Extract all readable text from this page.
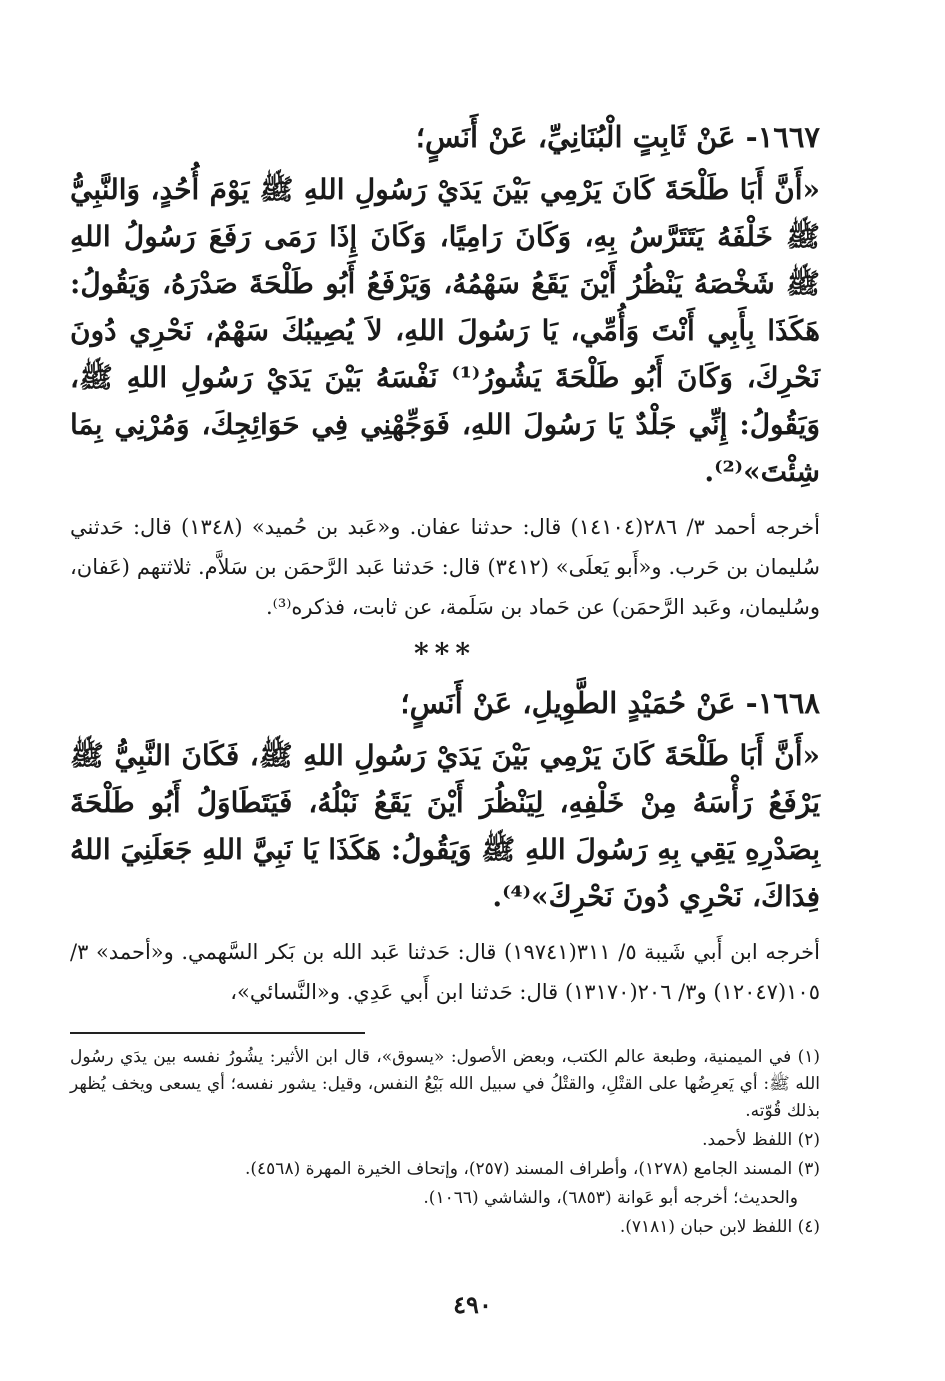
١٦٦٧- عَنْ ثَابِتٍ الْبُنَانِيِّ، عَنْ أَنَسٍ؛

«أَنَّ أَبَا طَلْحَةَ كَانَ يَرْمِي بَيْنَ يَدَيْ رَسُولِ اللهِ ﷺ يَوْمَ أُحُدٍ، وَالنَّبِيُّ ﷺ خَلْفَهُ يَتَتَرَّسُ بِهِ، وَكَانَ رَامِيًا، وَكَانَ إِذَا رَمَى رَفَعَ رَسُولُ اللهِ ﷺ شَخْصَهُ يَنْظُرُ أَيْنَ يَقَعُ سَهْمُهُ، وَيَرْفَعُ أَبُو طَلْحَةَ صَدْرَهُ، وَيَقُولُ: هَكَذَا بِأَبِي أَنْتَ وَأُمِّي، يَا رَسُولَ اللهِ، لاَ يُصِيبُكَ سَهْمٌ، نَحْرِي دُونَ نَحْرِكَ، وَكَانَ أَبُو طَلْحَةَ يَشُورُ⁽¹⁾ نَفْسَهُ بَيْنَ يَدَيْ رَسُولِ اللهِ ﷺ، وَيَقُولُ: إِنِّي جَلْدٌ يَا رَسُولَ اللهِ، فَوَجِّهْنِي فِي حَوَائِجِكَ، وَمُرْنِي بِمَا شِئْتَ»⁽²⁾.

أخرجه أحمد ٣/ ٢٨٦(١٤١٠٤) قال: حدثنا عفان. و«عَبد بن حُميد» (١٣٤٨) قال: حَدثني سُليمان بن حَرب. و«أَبو يَعلَى» (٣٤١٢) قال: حَدثنا عَبد الرَّحمَن بن سَلاَّم. ثلاثتهم (عَفان، وسُليمان، وعَبد الرَّحمَن) عن حَماد بن سَلَمة، عن ثابت، فذكره⁽³⁾.

***
١٦٦٨- عَنْ حُمَيْدٍ الطَّوِيلِ، عَنْ أَنَسٍ؛

«أَنَّ أَبَا طَلْحَةَ كَانَ يَرْمِي بَيْنَ يَدَيْ رَسُولِ اللهِ ﷺ، فَكَانَ النَّبِيُّ ﷺ يَرْفَعُ رَأْسَهُ مِنْ خَلْفِهِ، لِيَنْظُرَ أَيْنَ يَقَعُ نَبْلُهُ، فَيَتَطَاوَلُ أَبُو طَلْحَةَ بِصَدْرِهِ يَقِي بِهِ رَسُولَ اللهِ ﷺ وَيَقُولُ: هَكَذَا يَا نَبِيَّ اللهِ جَعَلَنِيَ اللهُ فِدَاكَ، نَحْرِي دُونَ نَحْرِكَ»⁽⁴⁾.

أخرجه ابن أَبي شَيبة ٥/ ٣١١(١٩٧٤١) قال: حَدثنا عَبد الله بن بَكر السَّهمي. و«أحمد» ٣/ ١٠٥(١٢٠٤٧) و٣/ ٢٠٦(١٣١٧٠) قال: حَدثنا ابن أَبي عَدِي. و«النَّسائي»،

(١) في الميمنية، وطبعة عالم الكتب، وبعض الأصول: «يسوق»، قال ابن الأثير: يشُورُ نفسه بين يدَي رسُول الله ﷺ: أي يَعرِضُها على القتْلِ، والقتْلُ في سبيل الله بَيْعُ النفس، وقيل: يشور نفسه؛ أي يسعى ويخف يُظهر بذلك قُوّته.

(٢) اللفظ لأحمد.

(٣) المسند الجامع (١٢٧٨)، وأطراف المسند (٢٥٧)، وإتحاف الخيرة المهرة (٤٥٦٨).

والحديث؛ أخرجه أبو عَوانة (٦٨٥٣)، والشاشي (١٠٦٦).

(٤) اللفظ لابن حبان (٧١٨١).

٤٩٠
